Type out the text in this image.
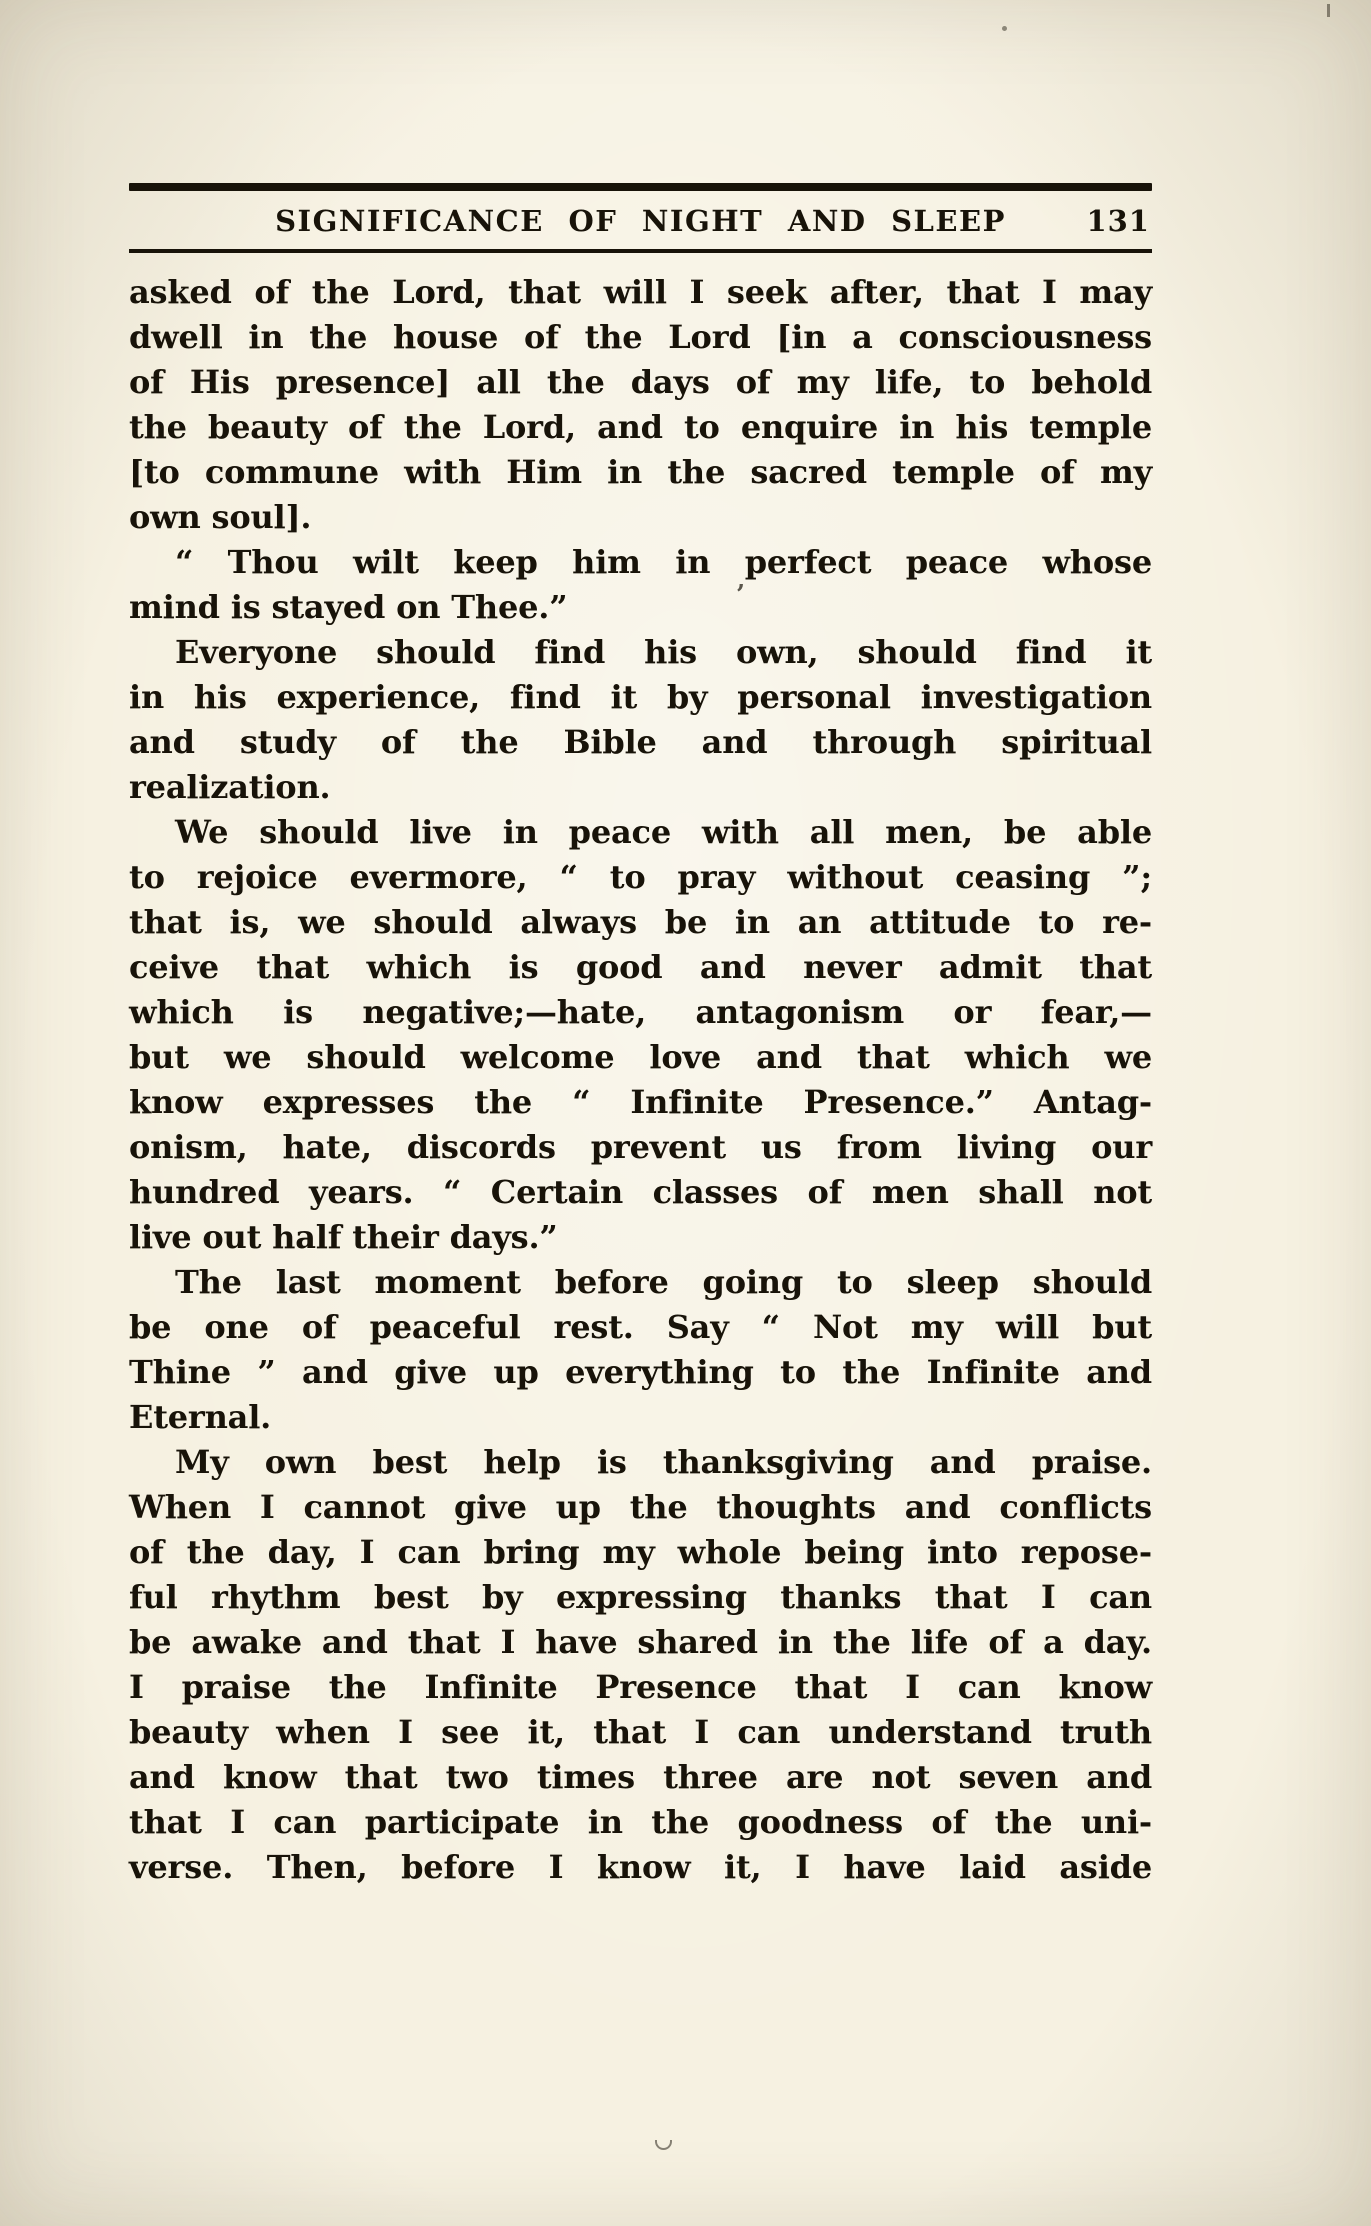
SIGNIFICANCE OF NIGHT AND SLEEP	131
asked of the Lord, that will I seek after, that I may
dwell in the house of the Lord [in a consciousness
of His presence] all the days of my life, to behold
the beauty of the Lord, and to enquire in his temple
[to commune with Him in the sacred temple of my
own soul].
“ Thou wilt keep him in perfect peace whose
mind is stayed on Thee.”
Everyone should find his own, should find it
in his experience, find it by personal investigation
and study of the Bible and through spiritual
realization.
We should live in peace with all men, be able
to rejoice evermore, “ to pray without ceasing ”;
that is, we should always be in an attitude to re-
ceive that which is good and never admit that
which is negative;—hate, antagonism or fear,—
but we should welcome love and that which we
know expresses the “ Infinite Presence.” Antag-
onism, hate, discords prevent us from living our
hundred years. “ Certain classes of men shall not
live out half their days.”
The last moment before going to sleep should
be one of peaceful rest. Say “ Not my will but
Thine ” and give up everything to the Infinite and
Eternal.
My own best help is thanksgiving and praise.
When I cannot give up the thoughts and conflicts
of the day, I can bring my whole being into repose-
ful rhythm best by expressing thanks that I can
be awake and that I have shared in the life of a day.
I praise the Infinite Presence that I can know
beauty when I see it, that I can understand truth
and know that two times three are not seven and
that I can participate in the goodness of the uni-
verse. Then, before I know it, I have laid aside
’
